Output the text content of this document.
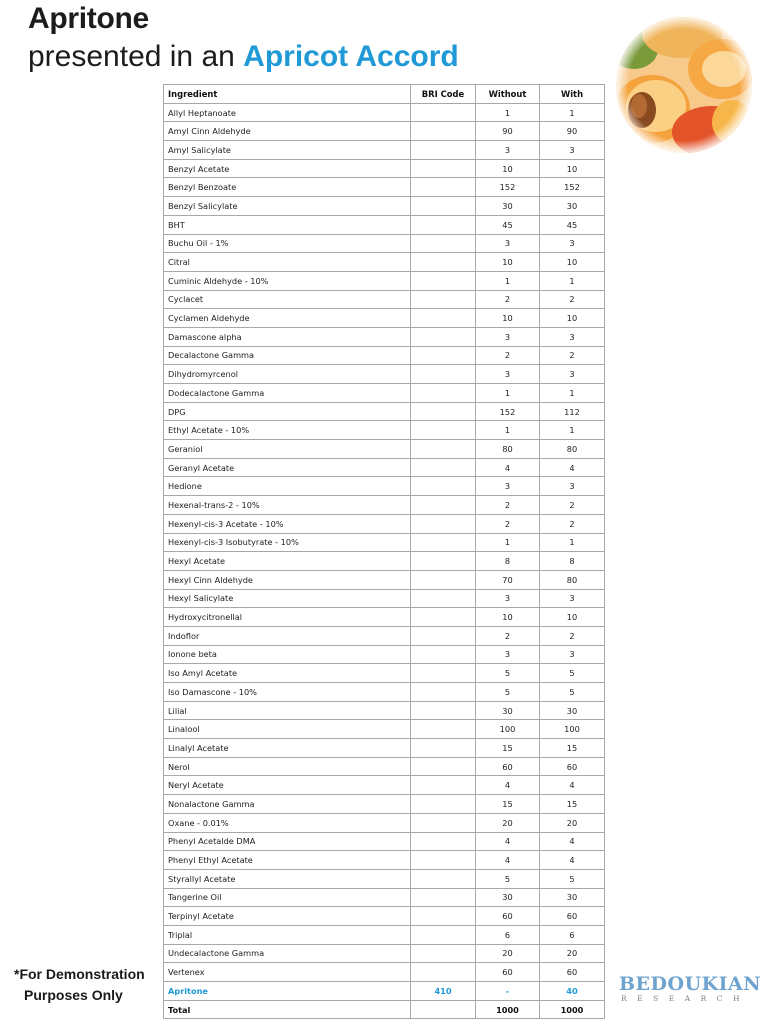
Apritone
presented in an Apricot Accord
Ingredient	BRI Code	Without	With
Allyl Heptanoate		1	1
Amyl Cinn Aldehyde		90	90
Amyl Salicylate		3	3
Benzyl Acetate		10	10
Benzyl Benzoate		152	152
Benzyl Salicylate		30	30
BHT		45	45
Buchu Oil - 1%		3	3
Citral		10	10
Cuminic Aldehyde - 10%		1	1
Cyclacet		2	2
Cyclamen Aldehyde		10	10
Damascone alpha		3	3
Decalactone Gamma		2	2
Dihydromyrcenol		3	3
Dodecalactone Gamma		1	1
DPG		152	112
Ethyl Acetate - 10%		1	1
Geraniol		80	80
Geranyl Acetate		4	4
Hedione		3	3
Hexenal-trans-2 - 10%		2	2
Hexenyl-cis-3 Acetate - 10%		2	2
Hexenyl-cis-3 Isobutyrate - 10%		1	1
Hexyl Acetate		8	8
Hexyl Cinn Aldehyde		70	80
Hexyl Salicylate		3	3
Hydroxycitronellal		10	10
Indoflor		2	2
Ionone beta		3	3
Iso Amyl Acetate		5	5
Iso Damascone - 10%		5	5
Lilial		30	30
Linalool		100	100
Linalyl Acetate		15	15
Nerol		60	60
Neryl Acetate		4	4
Nonalactone Gamma		15	15
Oxane - 0.01%		20	20
Phenyl Acetalde DMA		4	4
Phenyl Ethyl Acetate		4	4
Styrallyl Acetate		5	5
Tangerine Oil		30	30
Terpinyl Acetate		60	60
Triplal		6	6
Undecalactone Gamma		20	20
Vertenex		60	60
Apritone	410	-	40
Total		1000	1000
*For Demonstration
Purposes Only	BEDOUKIAN
RESEARCH
